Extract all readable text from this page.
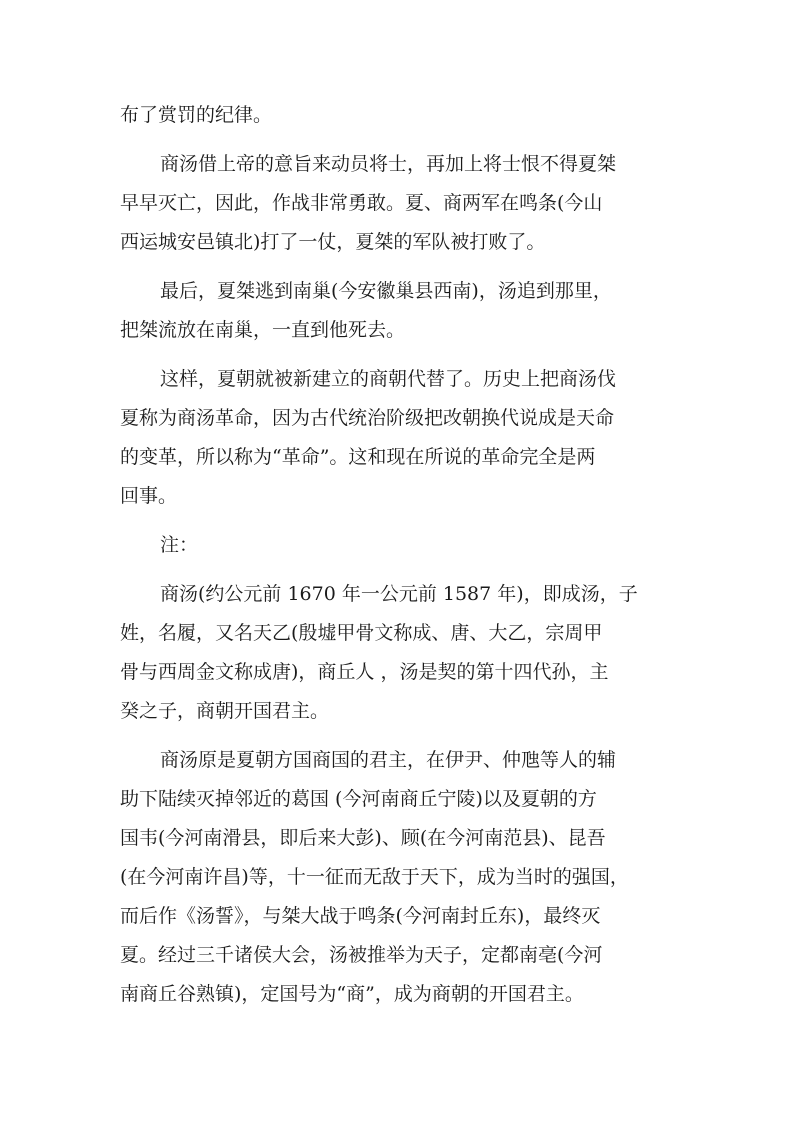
布了赏罚的纪律。
商汤借上帝的意旨来动员将士，再加上将士恨不得夏桀
早早灭亡，因此，作战非常勇敢。夏、商两军在鸣条(今山
西运城安邑镇北)打了一仗，夏桀的军队被打败了。
最后，夏桀逃到南巢(今安徽巢县西南)，汤追到那里，
把桀流放在南巢，一直到他死去。
这样，夏朝就被新建立的商朝代替了。历史上把商汤伐
夏称为商汤革命，因为古代统治阶级把改朝换代说成是天命
的变革，所以称为“革命”。这和现在所说的革命完全是两
回事。
注：
商汤(约公元前 1670 年一公元前 1587 年)，即成汤，子
姓，名履，又名天乙(殷墟甲骨文称成、唐、大乙，宗周甲
骨与西周金文称成唐)，商丘人 ，汤是契的第十四代孙，主
癸之子，商朝开国君主。
商汤原是夏朝方国商国的君主，在伊尹、仲虺等人的辅
助下陆续灭掉邻近的葛国 (今河南商丘宁陵)以及夏朝的方
国韦(今河南滑县，即后来大彭)、顾(在今河南范县)、昆吾
(在今河南许昌)等，十一征而无敌于天下，成为当时的强国，
而后作《汤誓》，与桀大战于鸣条(今河南封丘东)，最终灭
夏。经过三千诸侯大会，汤被推举为天子，定都南亳(今河
南商丘谷熟镇)，定国号为“商”，成为商朝的开国君主。
